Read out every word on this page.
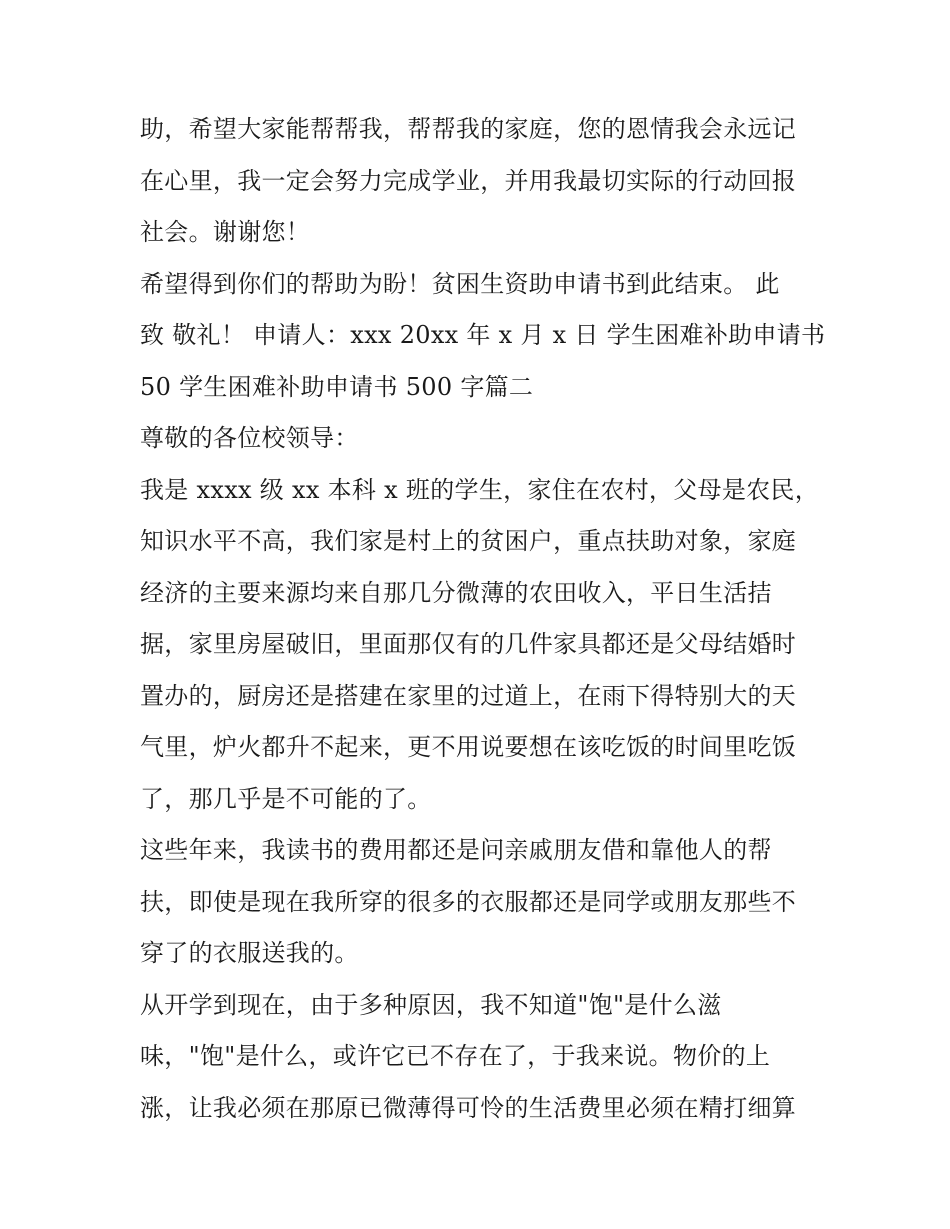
助，希望大家能帮帮我，帮帮我的家庭，您的恩情我会永远记
在心里，我一定会努力完成学业，并用我最切实际的行动回报
社会。谢谢您！
希望得到你们的帮助为盼！贫困生资助申请书到此结束。 此
致 敬礼！ 申请人：xxx 20xx 年 x 月 x 日 学生困难补助申请书
50 学生困难补助申请书 500 字篇二
尊敬的各位校领导：
我是 xxxx 级 xx 本科 x 班的学生，家住在农村，父母是农民，
知识水平不高，我们家是村上的贫困户，重点扶助对象，家庭
经济的主要来源均来自那几分微薄的农田收入，平日生活拮
据，家里房屋破旧，里面那仅有的几件家具都还是父母结婚时
置办的，厨房还是搭建在家里的过道上，在雨下得特别大的天
气里，炉火都升不起来，更不用说要想在该吃饭的时间里吃饭
了，那几乎是不可能的了。
这些年来，我读书的费用都还是问亲戚朋友借和靠他人的帮
扶，即使是现在我所穿的很多的衣服都还是同学或朋友那些不
穿了的衣服送我的。
从开学到现在，由于多种原因，我不知道"饱"是什么滋
味，"饱"是什么，或许它已不存在了，于我来说。物价的上
涨，让我必须在那原已微薄得可怜的生活费里必须在精打细算
